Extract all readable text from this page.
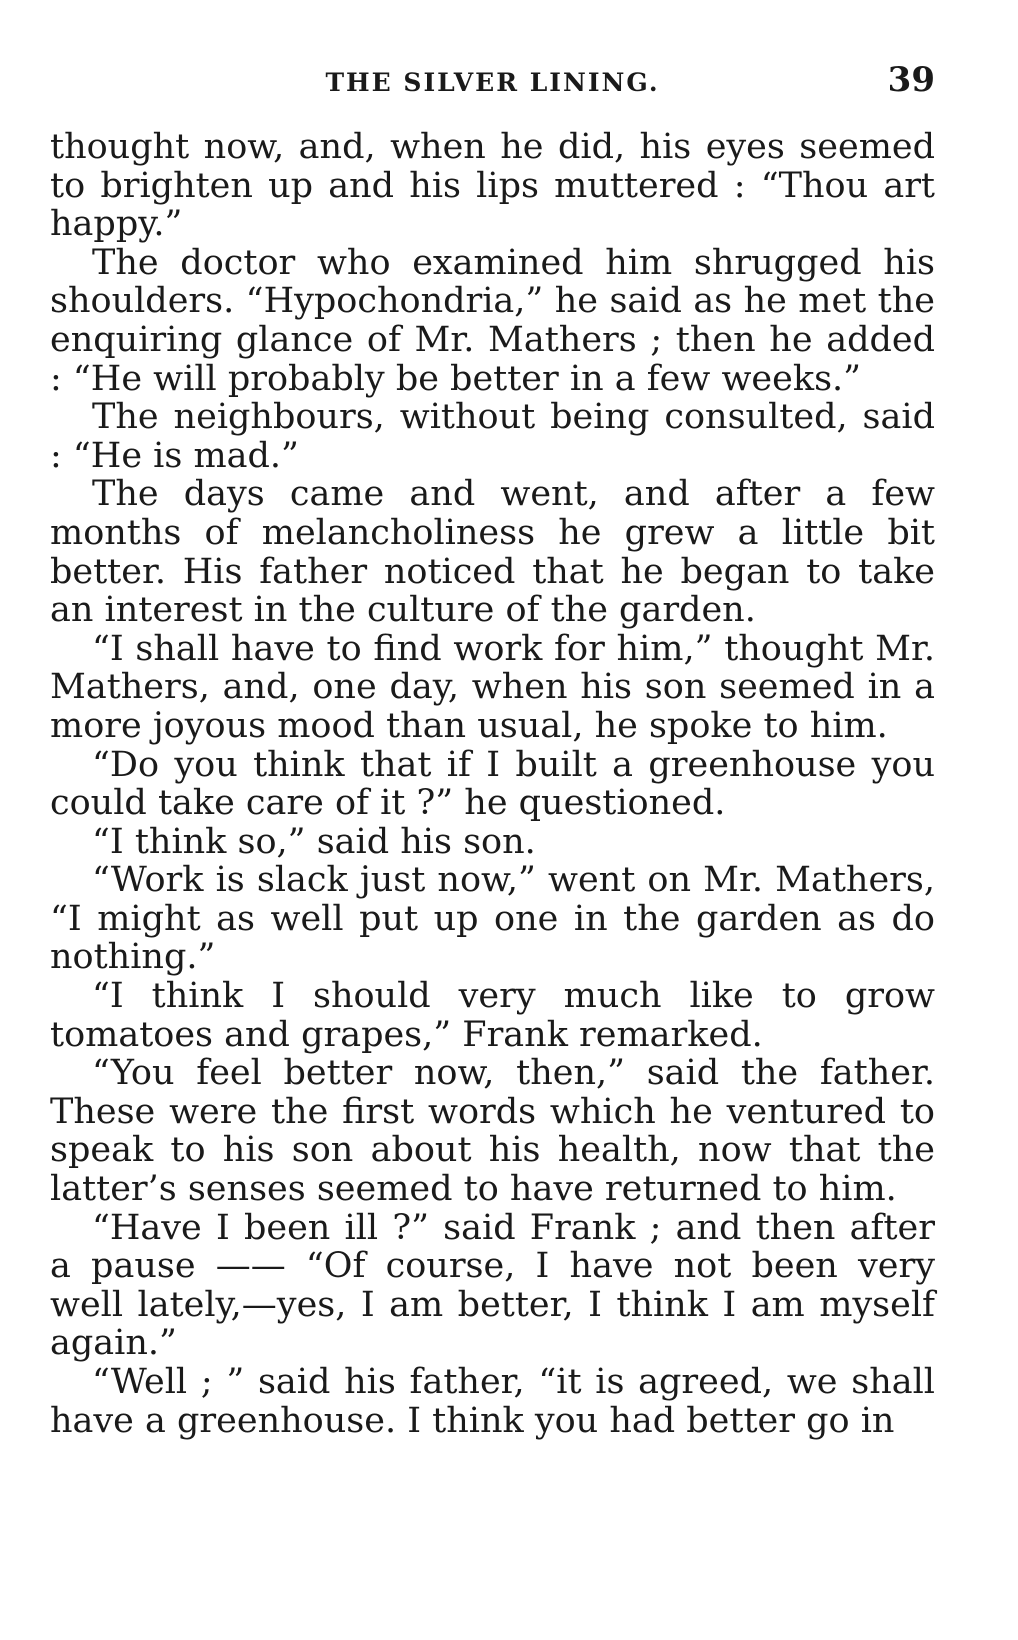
THE SILVER LINING.	39

thought now, and, when he did, his eyes seemed to brighten up and his lips muttered : “Thou art happy.”

The doctor who examined him shrugged his shoulders. “Hypochondria,” he said as he met the enquiring glance of Mr. Mathers ; then he added : “He will probably be better in a few weeks.”

The neighbours, without being consulted, said : “He is mad.”

The days came and went, and after a few months of melancholiness he grew a little bit better. His father noticed that he began to take an interest in the culture of the garden.

“I shall have to find work for him,” thought Mr. Mathers, and, one day, when his son seemed in a more joyous mood than usual, he spoke to him.

“Do you think that if I built a greenhouse you could take care of it ?” he questioned.

“I think so,” said his son.

“Work is slack just now,” went on Mr. Mathers, “I might as well put up one in the garden as do nothing.”

“I think I should very much like to grow tomatoes and grapes,” Frank remarked.

“You feel better now, then,” said the father. These were the first words which he ventured to speak to his son about his health, now that the latter’s senses seemed to have returned to him.

“Have I been ill ?” said Frank ; and then after a pause —— “Of course, I have not been very well lately,—yes, I am better, I think I am myself again.”

“Well ; ” said his father, “it is agreed, we shall have a greenhouse. I think you had better go in
